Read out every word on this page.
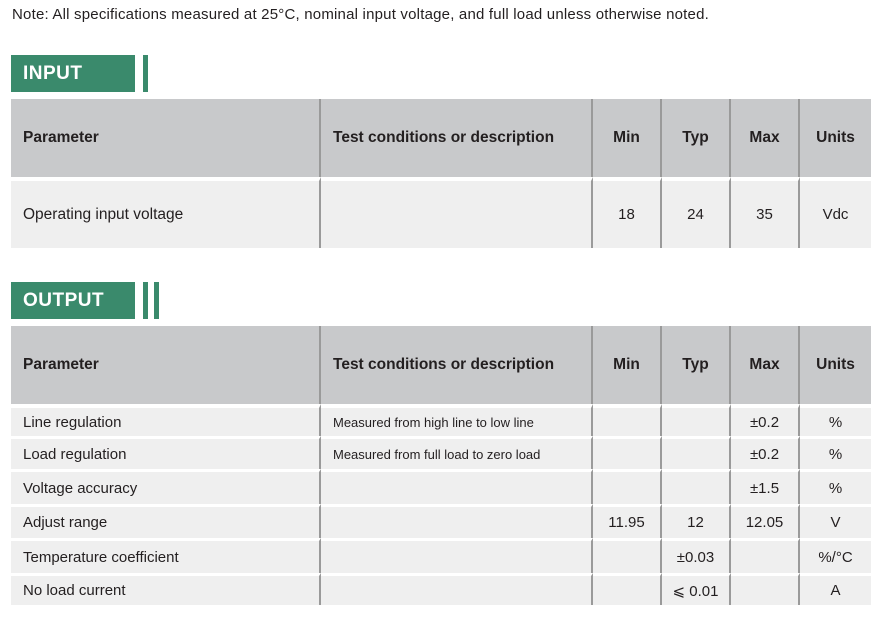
Note: All specifications measured at 25°C, nominal input voltage, and full load unless otherwise noted.
INPUT
Parameter	Test conditions or description	Min	Typ	Max	Units
Operating input voltage		18	24	35	Vdc
OUTPUT
Parameter	Test conditions or description	Min	Typ	Max	Units
Line regulation	Measured from high line to low line			±0.2	%
Load regulation	Measured from full load to zero load			±0.2	%
Voltage accuracy				±1.5	%
Adjust range		11.95	12	12.05	V
Temperature coefficient			±0.03		%/°C
No load current			⩽ 0.01		A
